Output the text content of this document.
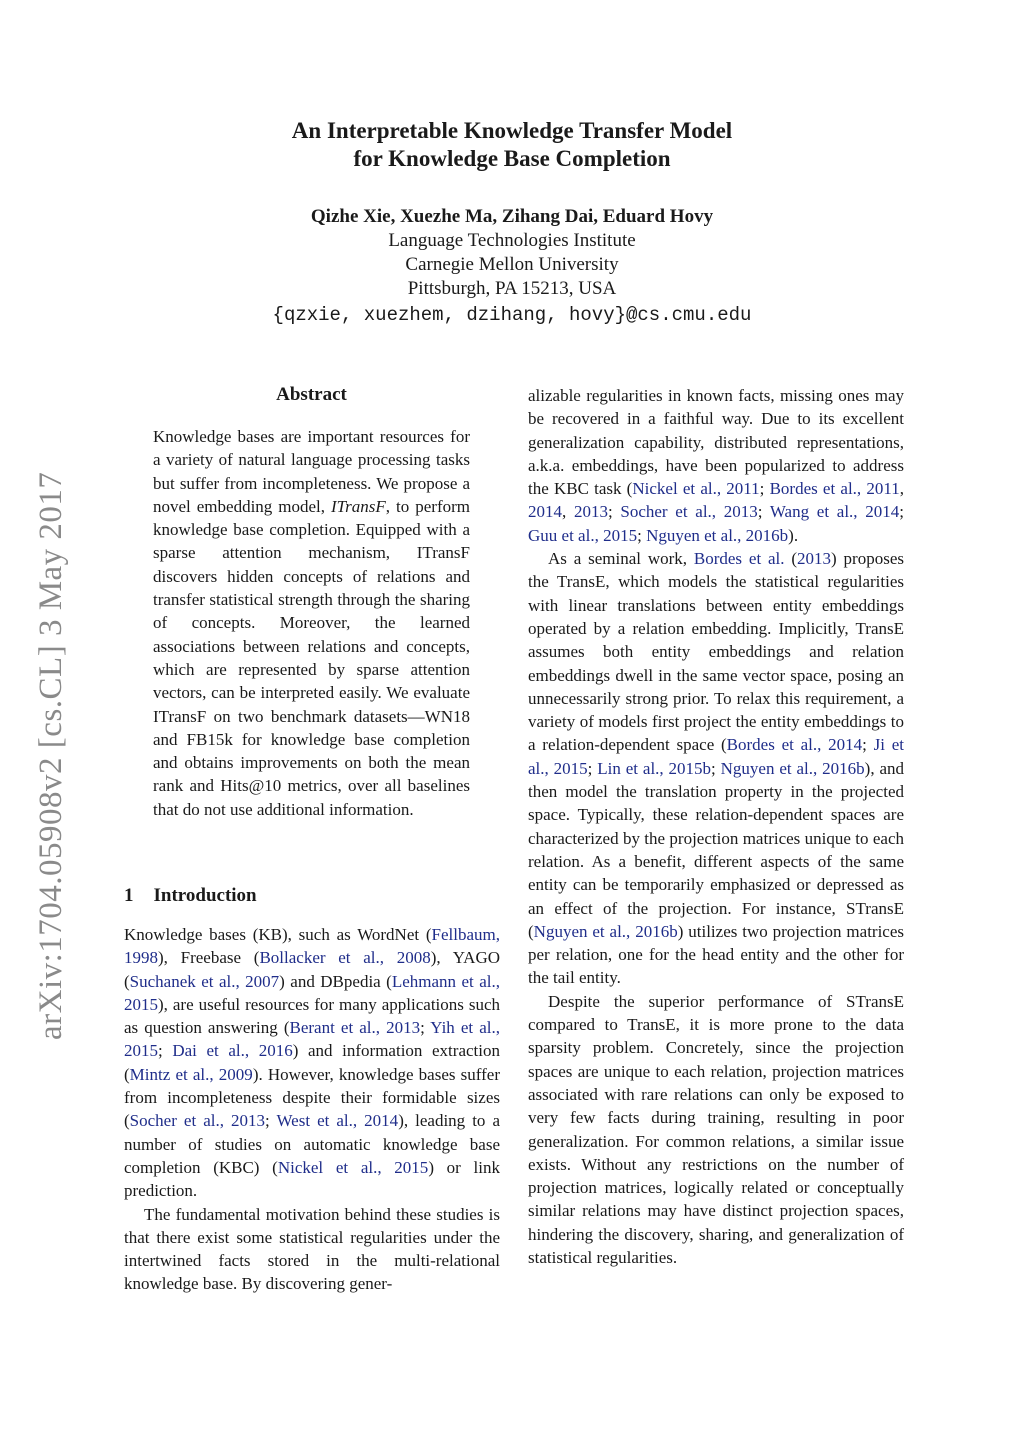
arXiv:1704.05908v2 [cs.CL] 3 May 2017
An Interpretable Knowledge Transfer Model
for Knowledge Base Completion
Qizhe Xie, Xuezhe Ma, Zihang Dai, Eduard Hovy
Language Technologies Institute
Carnegie Mellon University
Pittsburgh, PA 15213, USA
{qzxie, xuezhem, dzihang, hovy}@cs.cmu.edu
Abstract

Knowledge bases are important resources for a variety of natural language processing tasks but suffer from incompleteness. We propose a novel embedding model, ITransF, to perform knowledge base completion. Equipped with a sparse attention mechanism, ITransF discovers hidden concepts of relations and transfer statistical strength through the sharing of concepts. Moreover, the learned associations between relations and concepts, which are represented by sparse attention vectors, can be interpreted easily. We evaluate ITransF on two benchmark datasets—WN18 and FB15k for knowledge base completion and obtains improvements on both the mean rank and Hits@10 metrics, over all baselines that do not use additional information.

1 Introduction

Knowledge bases (KB), such as WordNet (Fellbaum, 1998), Freebase (Bollacker et al., 2008), YAGO (Suchanek et al., 2007) and DBpedia (Lehmann et al., 2015), are useful resources for many applications such as question answering (Berant et al., 2013; Yih et al., 2015; Dai et al., 2016) and information extraction (Mintz et al., 2009). However, knowledge bases suffer from incompleteness despite their formidable sizes (Socher et al., 2013; West et al., 2014), leading to a number of studies on automatic knowledge base completion (KBC) (Nickel et al., 2015) or link prediction.

The fundamental motivation behind these studies is that there exist some statistical regularities under the intertwined facts stored in the multi-relational knowledge base. By discovering gener-

alizable regularities in known facts, missing ones may be recovered in a faithful way. Due to its excellent generalization capability, distributed representations, a.k.a. embeddings, have been popularized to address the KBC task (Nickel et al., 2011; Bordes et al., 2011, 2014, 2013; Socher et al., 2013; Wang et al., 2014; Guu et al., 2015; Nguyen et al., 2016b).

As a seminal work, Bordes et al. (2013) proposes the TransE, which models the statistical regularities with linear translations between entity embeddings operated by a relation embedding. Implicitly, TransE assumes both entity embeddings and relation embeddings dwell in the same vector space, posing an unnecessarily strong prior. To relax this requirement, a variety of models first project the entity embeddings to a relation-dependent space (Bordes et al., 2014; Ji et al., 2015; Lin et al., 2015b; Nguyen et al., 2016b), and then model the translation property in the projected space. Typically, these relation-dependent spaces are characterized by the projection matrices unique to each relation. As a benefit, different aspects of the same entity can be temporarily emphasized or depressed as an effect of the projection. For instance, STransE (Nguyen et al., 2016b) utilizes two projection matrices per relation, one for the head entity and the other for the tail entity.

Despite the superior performance of STransE compared to TransE, it is more prone to the data sparsity problem. Concretely, since the projection spaces are unique to each relation, projection matrices associated with rare relations can only be exposed to very few facts during training, resulting in poor generalization. For common relations, a similar issue exists. Without any restrictions on the number of projection matrices, logically related or conceptually similar relations may have distinct projection spaces, hindering the discovery, sharing, and generalization of statistical regularities.
